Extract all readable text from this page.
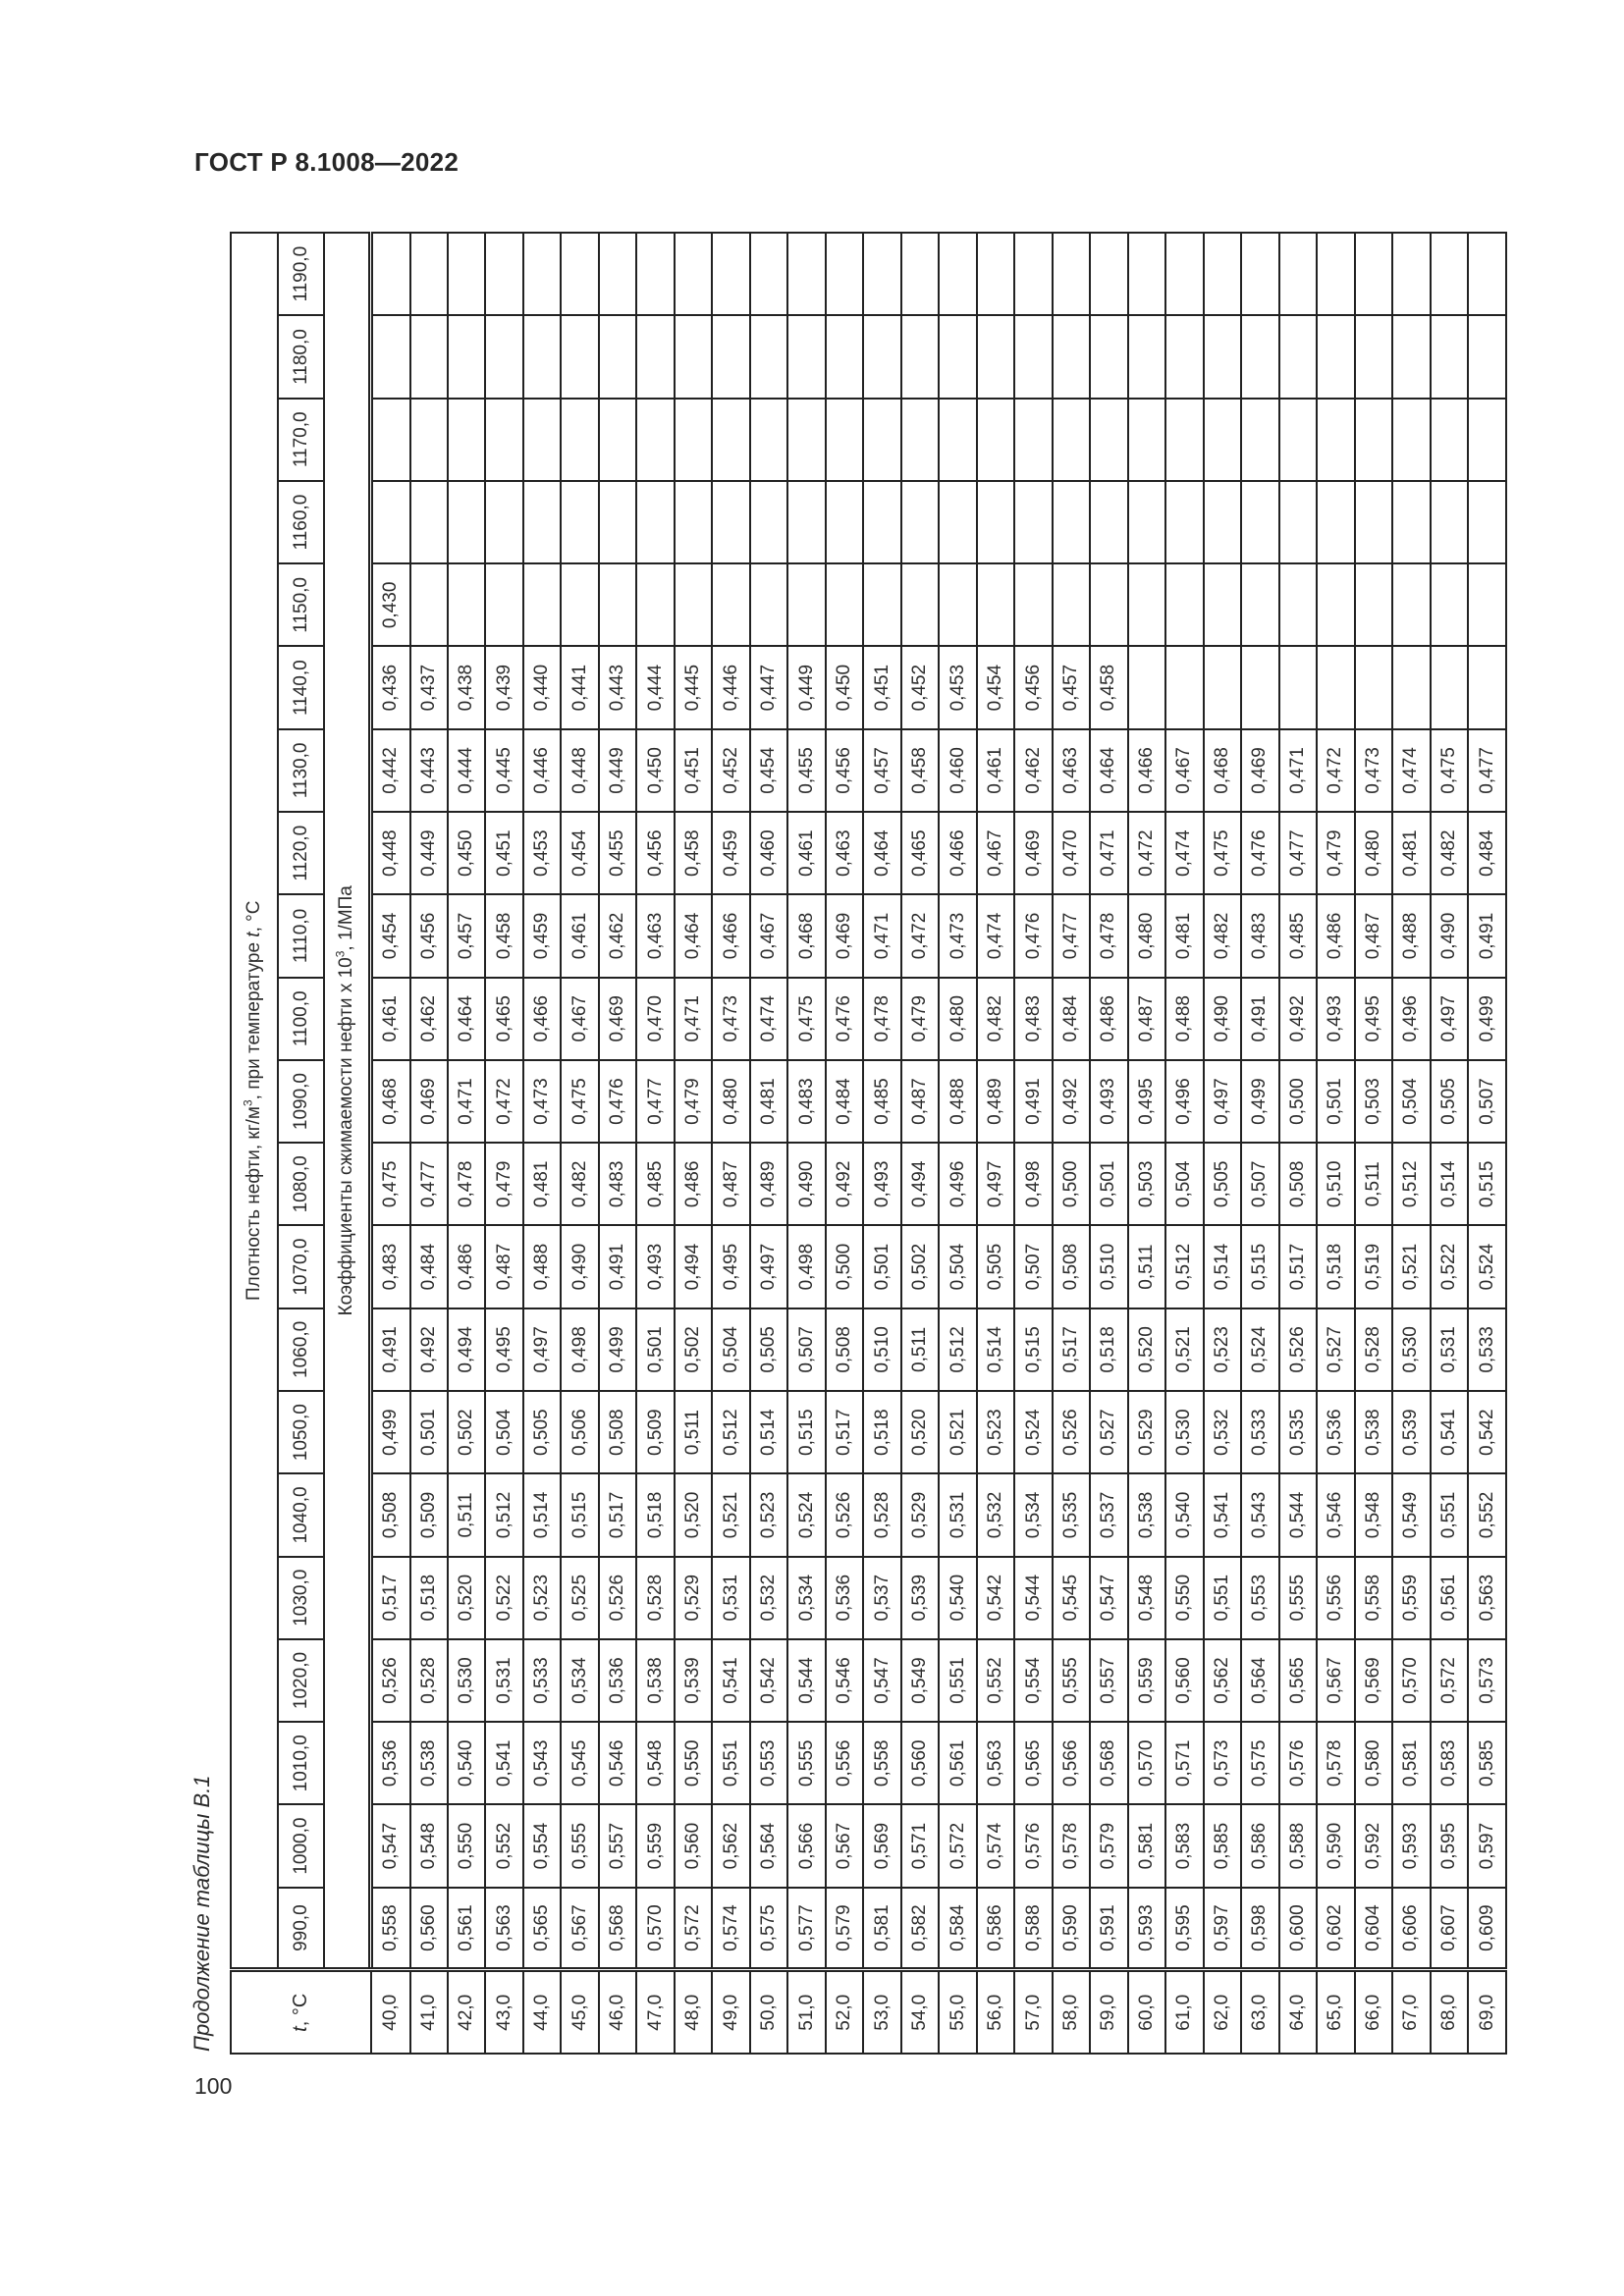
ГОСТ Р 8.1008—2022
Продолжение таблицы В.1	t, °C	Плотность нефти, $кг/м^3$, при температуре t, °C																				
	990,0	1000,0	1010,0	1020,0	1030,0	1040,0	1050,0	1060,0	1070,0	1080,0	1090,0	1100,0	1110,0	1120,0	1130,0	1140,0	1150,0	1160,0	1170,0	1180,0	1190,0
	Коэффициенты сжимаемости нефти x $10^3$, 1/МПа																				
40,0	0,558	0,547	0,536	0,526	0,517	0,508	0,499	0,491	0,483	0,475	0,468	0,461	0,454	0,448	0,442	0,436	0,430				
41,0	0,560	0,548	0,538	0,528	0,518	0,509	0,501	0,492	0,484	0,477	0,469	0,462	0,456	0,449	0,443	0,437					
42,0	0,561	0,550	0,540	0,530	0,520	0,511	0,502	0,494	0,486	0,478	0,471	0,464	0,457	0,450	0,444	0,438					
43,0	0,563	0,552	0,541	0,531	0,522	0,512	0,504	0,495	0,487	0,479	0,472	0,465	0,458	0,451	0,445	0,439					
44,0	0,565	0,554	0,543	0,533	0,523	0,514	0,505	0,497	0,488	0,481	0,473	0,466	0,459	0,453	0,446	0,440					
45,0	0,567	0,555	0,545	0,534	0,525	0,515	0,506	0,498	0,490	0,482	0,475	0,467	0,461	0,454	0,448	0,441					
46,0	0,568	0,557	0,546	0,536	0,526	0,517	0,508	0,499	0,491	0,483	0,476	0,469	0,462	0,455	0,449	0,443					
47,0	0,570	0,559	0,548	0,538	0,528	0,518	0,509	0,501	0,493	0,485	0,477	0,470	0,463	0,456	0,450	0,444					
48,0	0,572	0,560	0,550	0,539	0,529	0,520	0,511	0,502	0,494	0,486	0,479	0,471	0,464	0,458	0,451	0,445					
49,0	0,574	0,562	0,551	0,541	0,531	0,521	0,512	0,504	0,495	0,487	0,480	0,473	0,466	0,459	0,452	0,446					
50,0	0,575	0,564	0,553	0,542	0,532	0,523	0,514	0,505	0,497	0,489	0,481	0,474	0,467	0,460	0,454	0,447					
51,0	0,577	0,566	0,555	0,544	0,534	0,524	0,515	0,507	0,498	0,490	0,483	0,475	0,468	0,461	0,455	0,449					
52,0	0,579	0,567	0,556	0,546	0,536	0,526	0,517	0,508	0,500	0,492	0,484	0,476	0,469	0,463	0,456	0,450					
53,0	0,581	0,569	0,558	0,547	0,537	0,528	0,518	0,510	0,501	0,493	0,485	0,478	0,471	0,464	0,457	0,451					
54,0	0,582	0,571	0,560	0,549	0,539	0,529	0,520	0,511	0,502	0,494	0,487	0,479	0,472	0,465	0,458	0,452					
55,0	0,584	0,572	0,561	0,551	0,540	0,531	0,521	0,512	0,504	0,496	0,488	0,480	0,473	0,466	0,460	0,453					
56,0	0,586	0,574	0,563	0,552	0,542	0,532	0,523	0,514	0,505	0,497	0,489	0,482	0,474	0,467	0,461	0,454					
57,0	0,588	0,576	0,565	0,554	0,544	0,534	0,524	0,515	0,507	0,498	0,491	0,483	0,476	0,469	0,462	0,456					
58,0	0,590	0,578	0,566	0,555	0,545	0,535	0,526	0,517	0,508	0,500	0,492	0,484	0,477	0,470	0,463	0,457					
59,0	0,591	0,579	0,568	0,557	0,547	0,537	0,527	0,518	0,510	0,501	0,493	0,486	0,478	0,471	0,464	0,458					
60,0	0,593	0,581	0,570	0,559	0,548	0,538	0,529	0,520	0,511	0,503	0,495	0,487	0,480	0,472	0,466						
61,0	0,595	0,583	0,571	0,560	0,550	0,540	0,530	0,521	0,512	0,504	0,496	0,488	0,481	0,474	0,467						
62,0	0,597	0,585	0,573	0,562	0,551	0,541	0,532	0,523	0,514	0,505	0,497	0,490	0,482	0,475	0,468						
63,0	0,598	0,586	0,575	0,564	0,553	0,543	0,533	0,524	0,515	0,507	0,499	0,491	0,483	0,476	0,469						
64,0	0,600	0,588	0,576	0,565	0,555	0,544	0,535	0,526	0,517	0,508	0,500	0,492	0,485	0,477	0,471						
65,0	0,602	0,590	0,578	0,567	0,556	0,546	0,536	0,527	0,518	0,510	0,501	0,493	0,486	0,479	0,472						
66,0	0,604	0,592	0,580	0,569	0,558	0,548	0,538	0,528	0,519	0,511	0,503	0,495	0,487	0,480	0,473						
67,0	0,606	0,593	0,581	0,570	0,559	0,549	0,539	0,530	0,521	0,512	0,504	0,496	0,488	0,481	0,474						
68,0	0,607	0,595	0,583	0,572	0,561	0,551	0,541	0,531	0,522	0,514	0,505	0,497	0,490	0,482	0,475						
69,0	0,609	0,597	0,585	0,573	0,563	0,552	0,542	0,533	0,524	0,515	0,507	0,499	0,491	0,484	0,477						
100
